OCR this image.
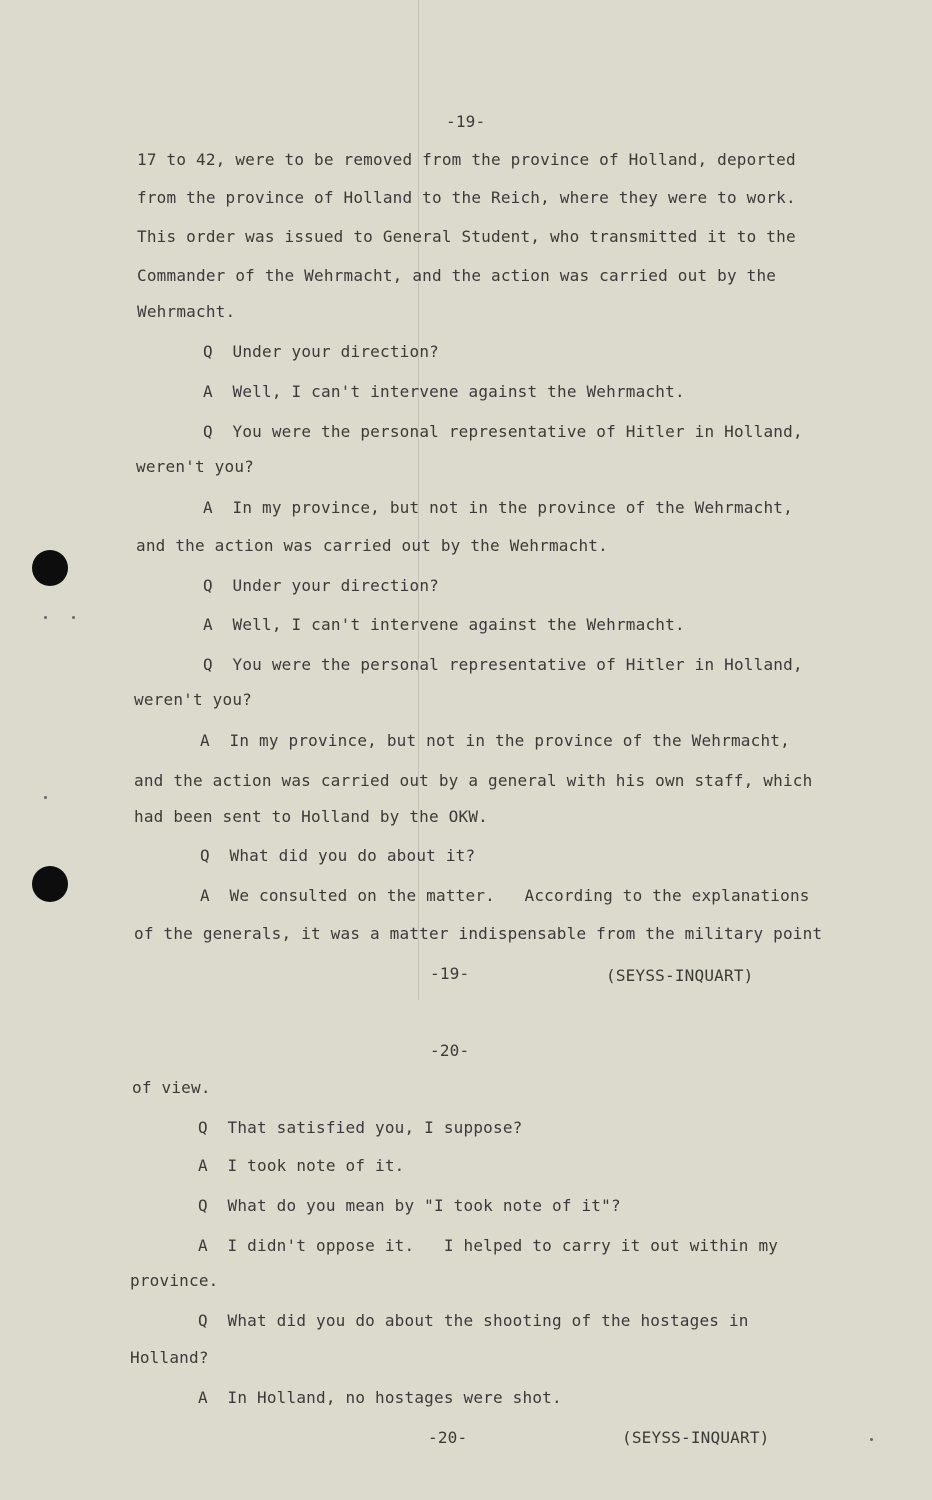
-19-
17 to 42, were to be removed from the province of Holland, deported
from the province of Holland to the Reich, where they were to work.
This order was issued to General Student, who transmitted it to the
Commander of the Wehrmacht, and the action was carried out by the
Wehrmacht.
Q  Under your direction?
A  Well, I can't intervene against the Wehrmacht.
Q  You were the personal representative of Hitler in Holland,
weren't you?
A  In my province, but not in the province of the Wehrmacht,
and the action was carried out by the Wehrmacht.
Q  Under your direction?
A  Well, I can't intervene against the Wehrmacht.
Q  You were the personal representative of Hitler in Holland,
weren't you?
A  In my province, but not in the province of the Wehrmacht,
and the action was carried out by a general with his own staff, which
had been sent to Holland by the OKW.
Q  What did you do about it?
A  We consulted on the matter.   According to the explanations
of the generals, it was a matter indispensable from the military point
-19-	(SEYSS-INQUART)
-20-
of view.
Q  That satisfied you, I suppose?
A  I took note of it.
Q  What do you mean by "I took note of it"?
A  I didn't oppose it.   I helped to carry it out within my
province.
Q  What did you do about the shooting of the hostages in
Holland?
A  In Holland, no hostages were shot.
-20-	(SEYSS-INQUART)
